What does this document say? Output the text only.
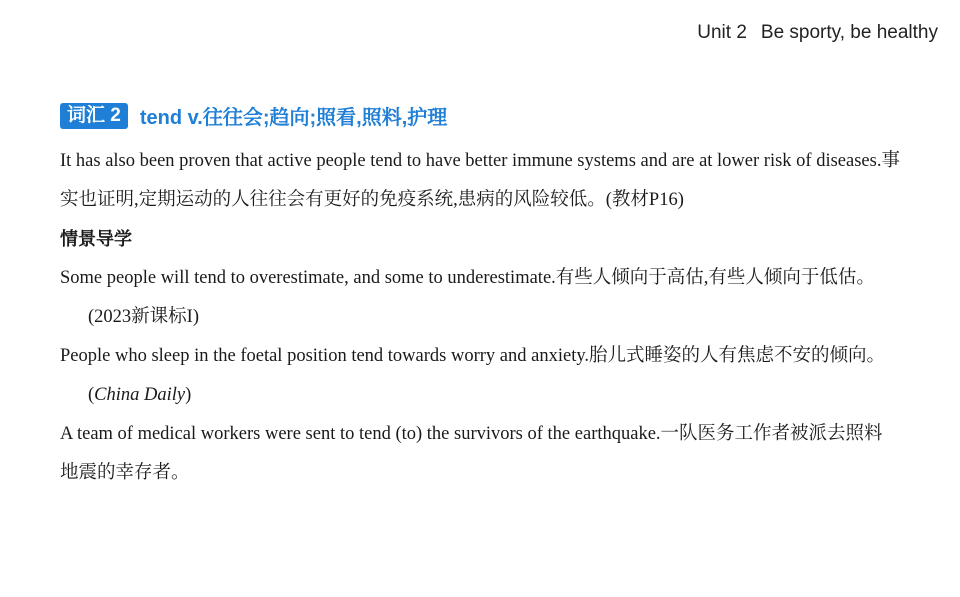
Unit 2 Be sporty, be healthy
词汇 2 tend v.往往会;趋向;照看,照料,护理

It has also been proven that active people tend to have better immune systems and are at lower risk of diseases.事实也证明,定期运动的人往往会有更好的免疫系统,患病的风险较低。(教材P16)

情景导学

Some people will tend to overestimate, and some to underestimate.有些人倾向于高估,有些人倾向于低估。(2023新课标I)

People who sleep in the foetal position tend towards worry and anxiety.胎儿式睡姿的人有焦虑不安的倾向。(China Daily)

A team of medical workers were sent to tend (to) the survivors of the earthquake.一队医务工作者被派去照料地震的幸存者。
